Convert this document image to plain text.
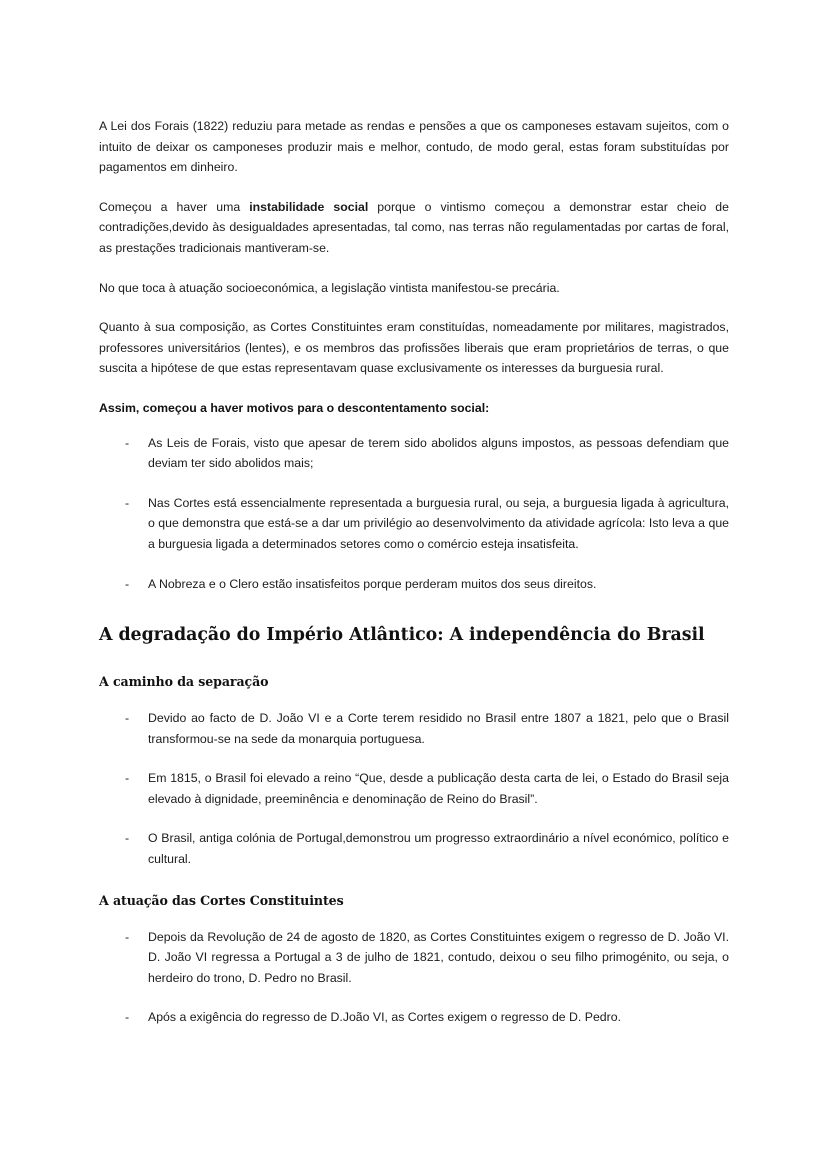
A Lei dos Forais (1822) reduziu para metade as rendas e pensões a que os camponeses estavam sujeitos, com o intuito de deixar os camponeses produzir mais e melhor, contudo, de modo geral, estas foram substituídas por pagamentos em dinheiro.

Começou a haver uma instabilidade social porque o vintismo começou a demonstrar estar cheio de contradições,devido às desigualdades apresentadas, tal como, nas terras não regulamentadas por cartas de foral, as prestações tradicionais mantiveram-se.

No que toca à atuação socioeconómica, a legislação vintista manifestou-se precária.

Quanto à sua composição, as Cortes Constituintes eram constituídas, nomeadamente por militares, magistrados, professores universitários (lentes), e os membros das profissões liberais que eram proprietários de terras, o que suscita a hipótese de que estas representavam quase exclusivamente os interesses da burguesia rural.

Assim, começou a haver motivos para o descontentamento social:

-	As Leis de Forais, visto que apesar de terem sido abolidos alguns impostos, as pessoas defendiam que deviam ter sido abolidos mais;
-	Nas Cortes está essencialmente representada a burguesia rural, ou seja, a burguesia ligada à agricultura, o que demonstra que está-se a dar um privilégio ao desenvolvimento da atividade agrícola: Isto leva a que a burguesia ligada a determinados setores como o comércio esteja insatisfeita.
-	A Nobreza e o Clero estão insatisfeitos porque perderam muitos dos seus direitos.
A degradação do Império Atlântico: A independência do Brasil
A caminho da separação
-	Devido ao facto de D. João VI e a Corte terem residido no Brasil entre 1807 a 1821, pelo que o Brasil transformou-se na sede da monarquia portuguesa.
-	Em 1815, o Brasil foi elevado a reino “Que, desde a publicação desta carta de lei, o Estado do Brasil seja elevado à dignidade, preeminência e denominação de Reino do Brasil”.
-	O Brasil, antiga colónia de Portugal,demonstrou um progresso extraordinário a nível económico, político e cultural.
A atuação das Cortes Constituintes
-	Depois da Revolução de 24 de agosto de 1820, as Cortes Constituintes exigem o regresso de D. João VI. D. João VI regressa a Portugal a 3 de julho de 1821, contudo, deixou o seu filho primogénito, ou seja, o herdeiro do trono, D. Pedro no Brasil.
-	Após a exigência do regresso de D.João VI, as Cortes exigem o regresso de D. Pedro.
